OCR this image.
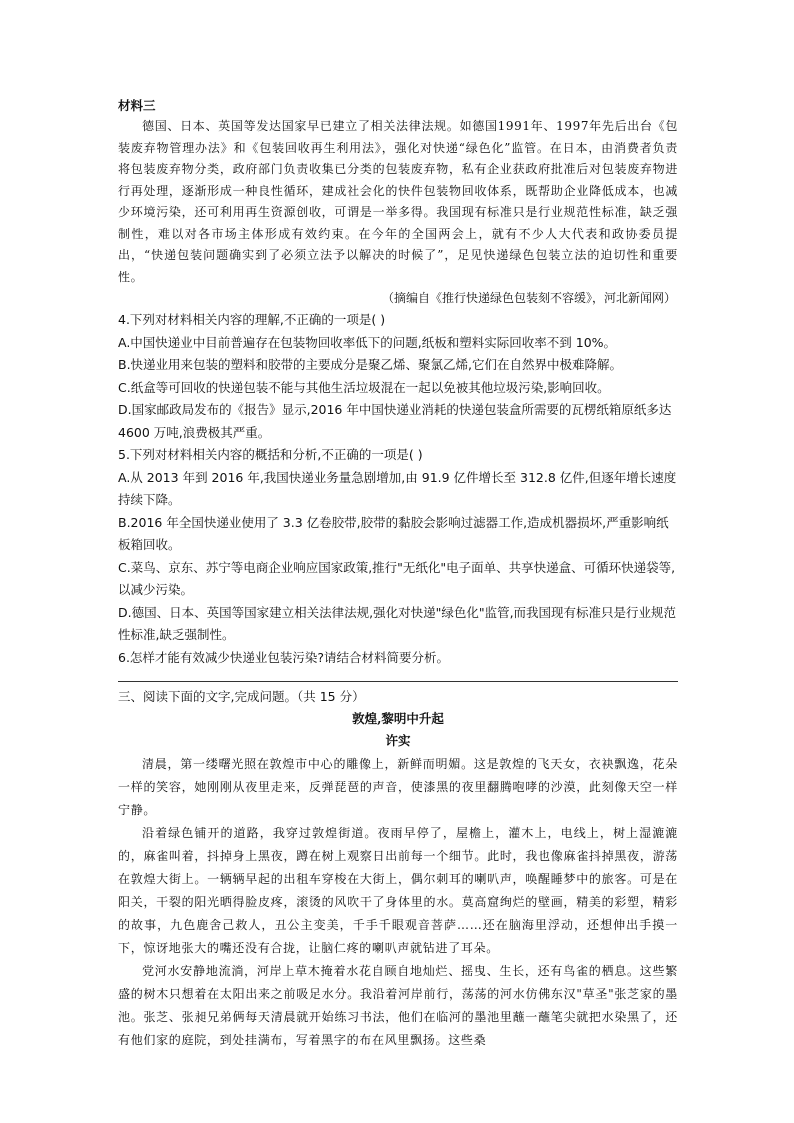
材料三

德国、日本、英国等发达国家早已建立了相关法律法规。如德国1991年、1997年先后出台《包装废弃物管理办法》和《包装回收再生利用法》，强化对快递“绿色化”监管。在日本，由消费者负责将包装废弃物分类，政府部门负责收集已分类的包装废弃物，私有企业获政府批准后对包装废弃物进行再处理，逐渐形成一种良性循环，建成社会化的快件包装物回收体系，既帮助企业降低成本，也减少环境污染，还可利用再生资源创收，可谓是一举多得。我国现有标准只是行业规范性标准，缺乏强制性，难以对各市场主体形成有效约束。在今年的全国两会上，就有不少人大代表和政协委员提出，“快递包装问题确实到了必须立法予以解决的时候了”，足见快递绿色包装立法的迫切性和重要性。

（摘编自《推行快递绿色包装刻不容缓》，河北新闻网）

4.下列对材料相关内容的理解,不正确的一项是( )

A.中国快递业中目前普遍存在包装物回收率低下的问题,纸板和塑料实际回收率不到 10%。

B.快递业用来包装的塑料和胶带的主要成分是聚乙烯、聚氯乙烯,它们在自然界中极难降解。

C.纸盒等可回收的快递包装不能与其他生活垃圾混在一起以免被其他垃圾污染,影响回收。

D.国家邮政局发布的《报告》显示,2016 年中国快递业消耗的快递包装盒所需要的瓦楞纸箱原纸多达 4600 万吨,浪费极其严重。

5.下列对材料相关内容的概括和分析,不正确的一项是( )

A.从 2013 年到 2016 年,我国快递业务量急剧增加,由 91.9 亿件增长至 312.8 亿件,但逐年增长速度持续下降。

B.2016 年全国快递业使用了 3.3 亿卷胶带,胶带的黏胶会影响过滤器工作,造成机器损坏,严重影响纸板箱回收。

C.菜鸟、京东、苏宁等电商企业响应国家政策,推行"无纸化"电子面单、共享快递盒、可循环快递袋等,以减少污染。

D.德国、日本、英国等国家建立相关法律法规,强化对快递"绿色化"监管,而我国现有标准只是行业规范性标准,缺乏强制性。

6.怎样才能有效减少快递业包装污染?请结合材料简要分析。

三、阅读下面的文字,完成问题。（共 15 分）

敦煌,黎明中升起

许实

清晨，第一缕曙光照在敦煌市中心的雕像上，新鲜而明媚。这是敦煌的飞天女，衣袂飘逸，花朵一样的笑容，她刚刚从夜里走来，反弹琵琶的声音，使漆黑的夜里翻腾咆哮的沙漠，此刻像天空一样宁静。

沿着绿色铺开的道路，我穿过敦煌街道。夜雨早停了，屋檐上，灌木上，电线上，树上湿漉漉的，麻雀叫着，抖掉身上黑夜，蹲在树上观察日出前每一个细节。此时，我也像麻雀抖掉黑夜，游荡在敦煌大街上。一辆辆早起的出租车穿梭在大街上，偶尔刺耳的喇叭声，唤醒睡梦中的旅客。可是在阳关，干裂的阳光晒得脸皮疼，滚烫的风吹干了身体里的水。莫高窟绚烂的壁画，精美的彩塑，精彩的故事，九色鹿舍己救人，丑公主变美，千手千眼观音菩萨……还在脑海里浮动，还想伸出手摸一下，惊讶地张大的嘴还没有合拢，让脑仁疼的喇叭声就钻进了耳朵。

党河水安静地流淌，河岸上草木掩着水花自顾自地灿烂、摇曳、生长，还有鸟雀的栖息。这些繁盛的树木只想着在太阳出来之前吸足水分。我沿着河岸前行，荡荡的河水仿佛东汉"草圣"张芝家的墨池。张芝、张昶兄弟俩每天清晨就开始练习书法，他们在临河的墨池里蘸一蘸笔尖就把水染黑了，还有他们家的庭院，到处挂满布，写着黑字的布在风里飘扬。这些桑
